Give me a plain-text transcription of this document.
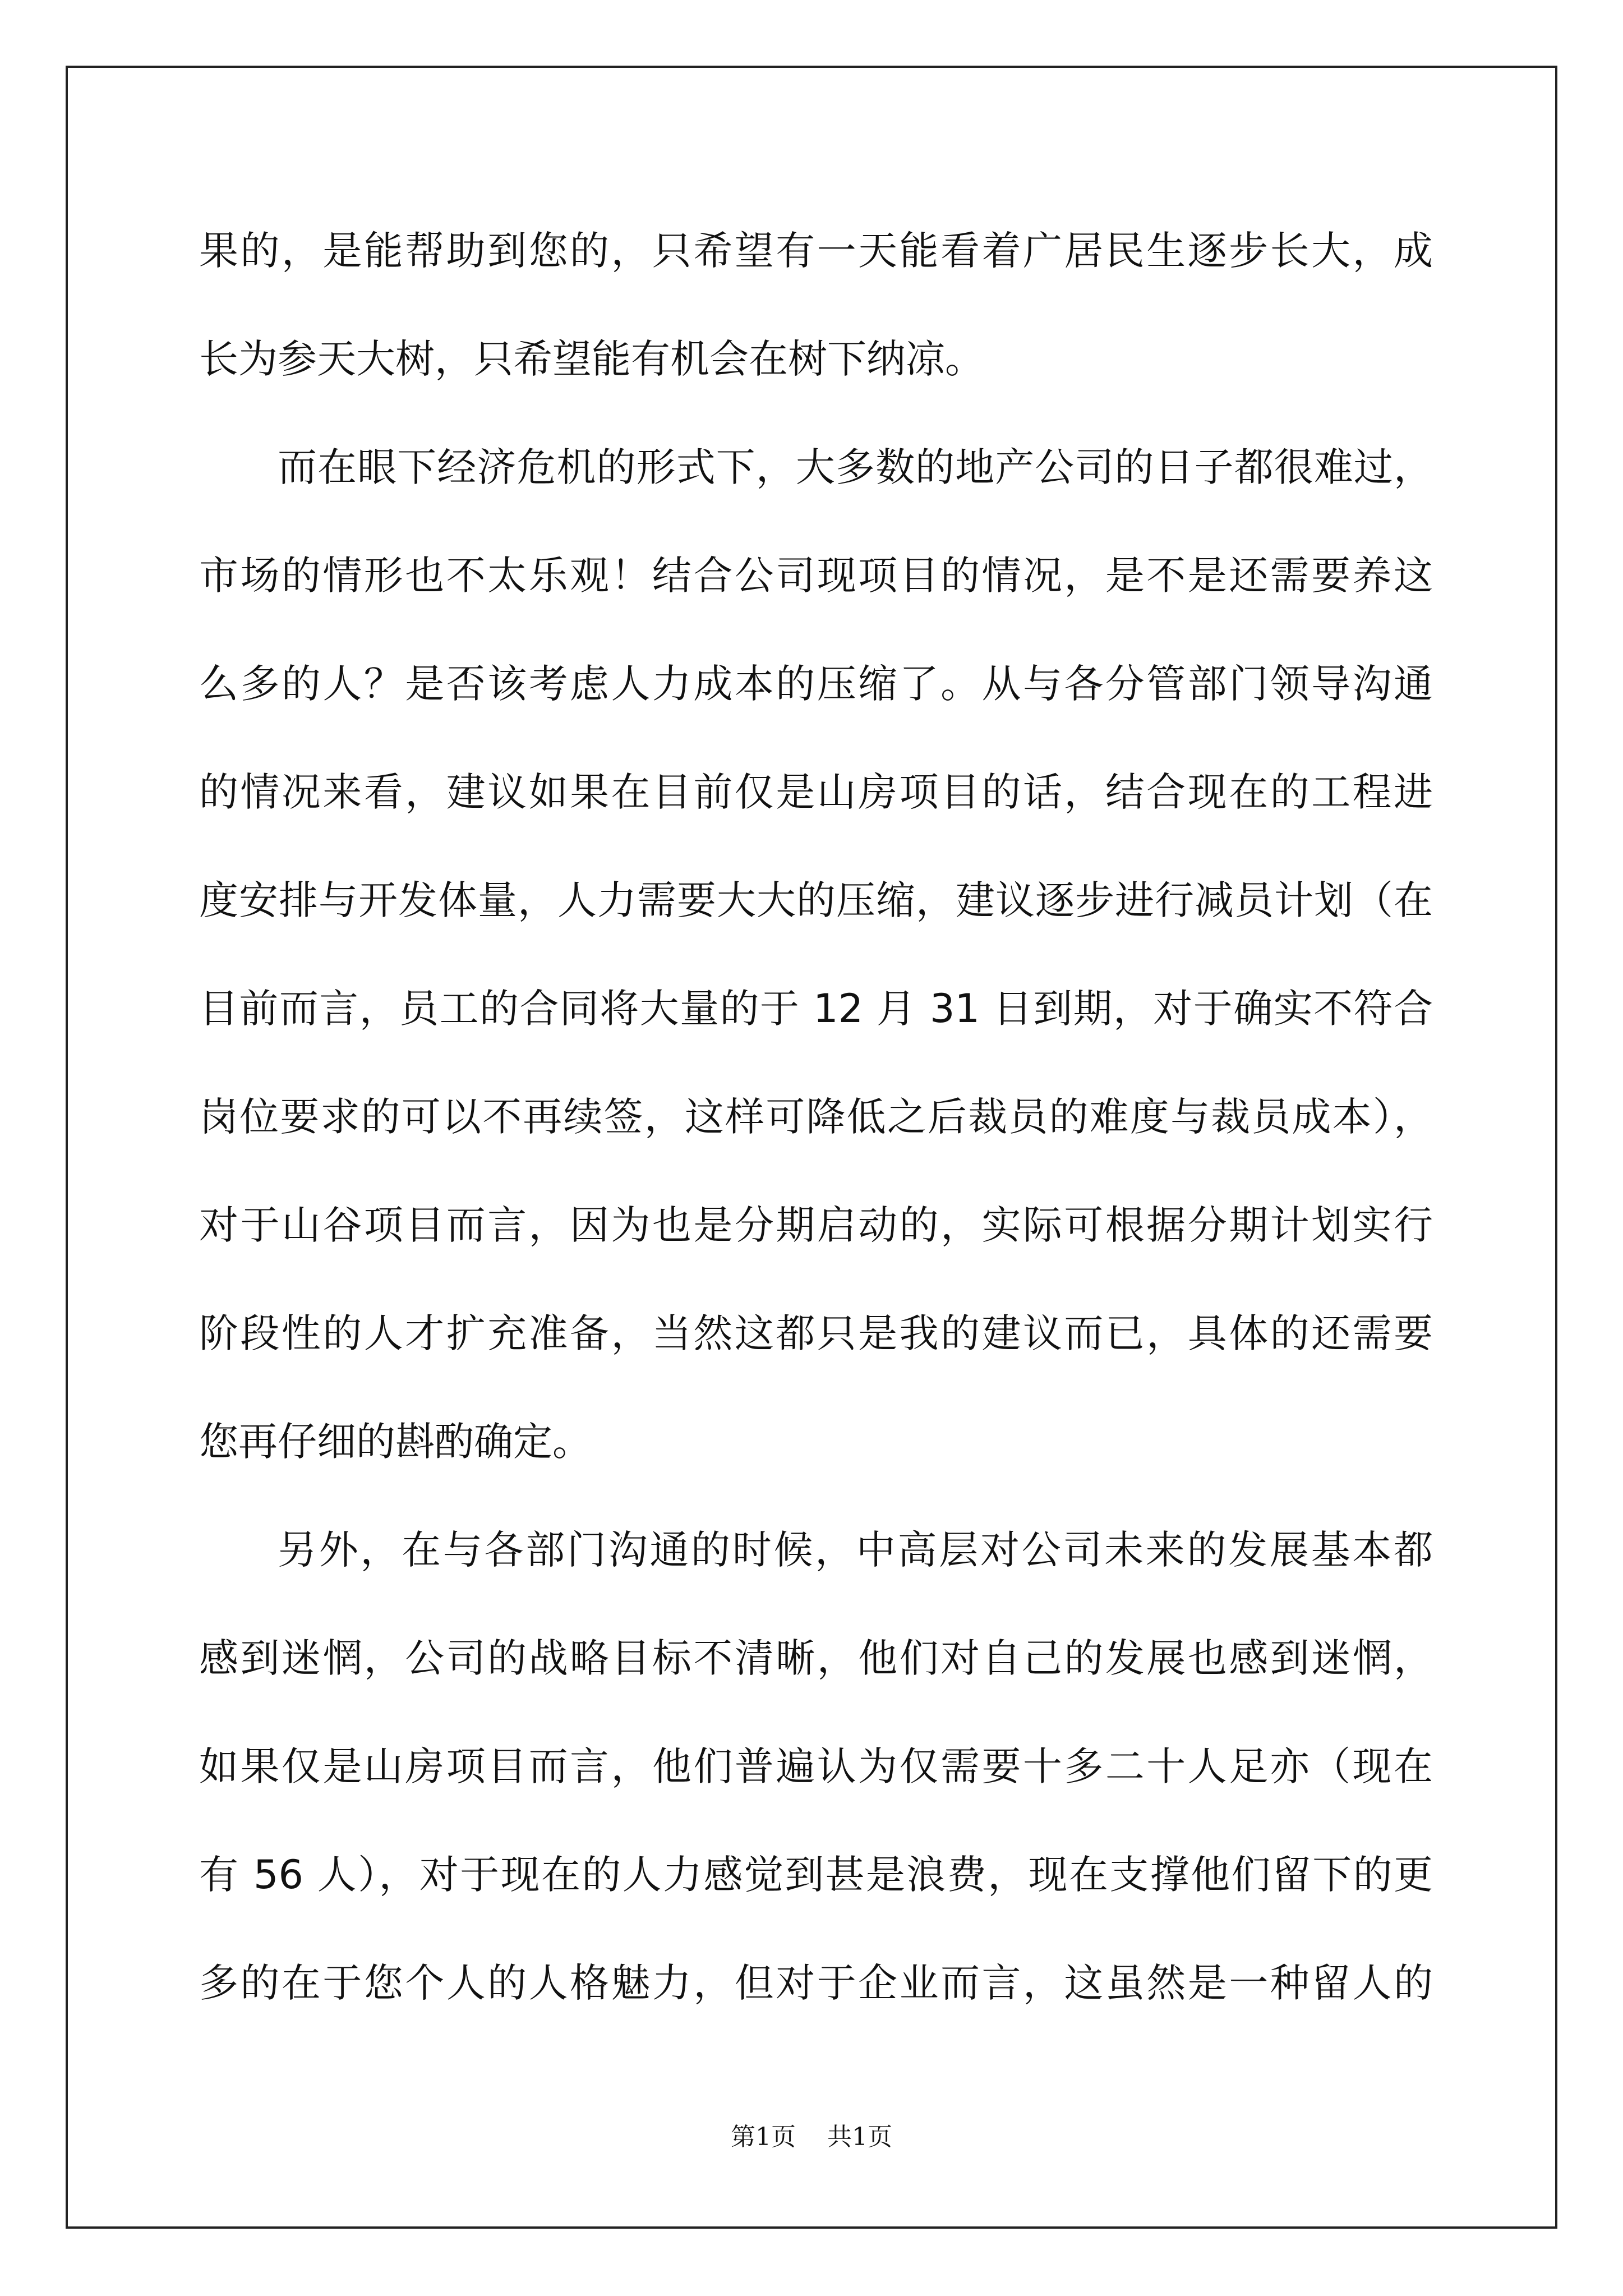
果的，是能帮助到您的，只希望有一天能看着广居民生逐步长大，成
长为参天大树，只希望能有机会在树下纳凉。
而在眼下经济危机的形式下，大多数的地产公司的日子都很难过，
市场的情形也不太乐观！结合公司现项目的情况，是不是还需要养这
么多的人？是否该考虑人力成本的压缩了。从与各分管部门领导沟通
的情况来看，建议如果在目前仅是山房项目的话，结合现在的工程进
度安排与开发体量，人力需要大大的压缩，建议逐步进行减员计划（在
目前而言，员工的合同将大量的于 12 月 31 日到期，对于确实不符合
岗位要求的可以不再续签，这样可降低之后裁员的难度与裁员成本），
对于山谷项目而言，因为也是分期启动的，实际可根据分期计划实行
阶段性的人才扩充准备，当然这都只是我的建议而已，具体的还需要
您再仔细的斟酌确定。
另外，在与各部门沟通的时候，中高层对公司未来的发展基本都
感到迷惘，公司的战略目标不清晰，他们对自己的发展也感到迷惘，
如果仅是山房项目而言，他们普遍认为仅需要十多二十人足亦（现在
有 56 人），对于现在的人力感觉到甚是浪费，现在支撑他们留下的更
多的在于您个人的人格魅力，但对于企业而言，这虽然是一种留人的
第1页 共1页
